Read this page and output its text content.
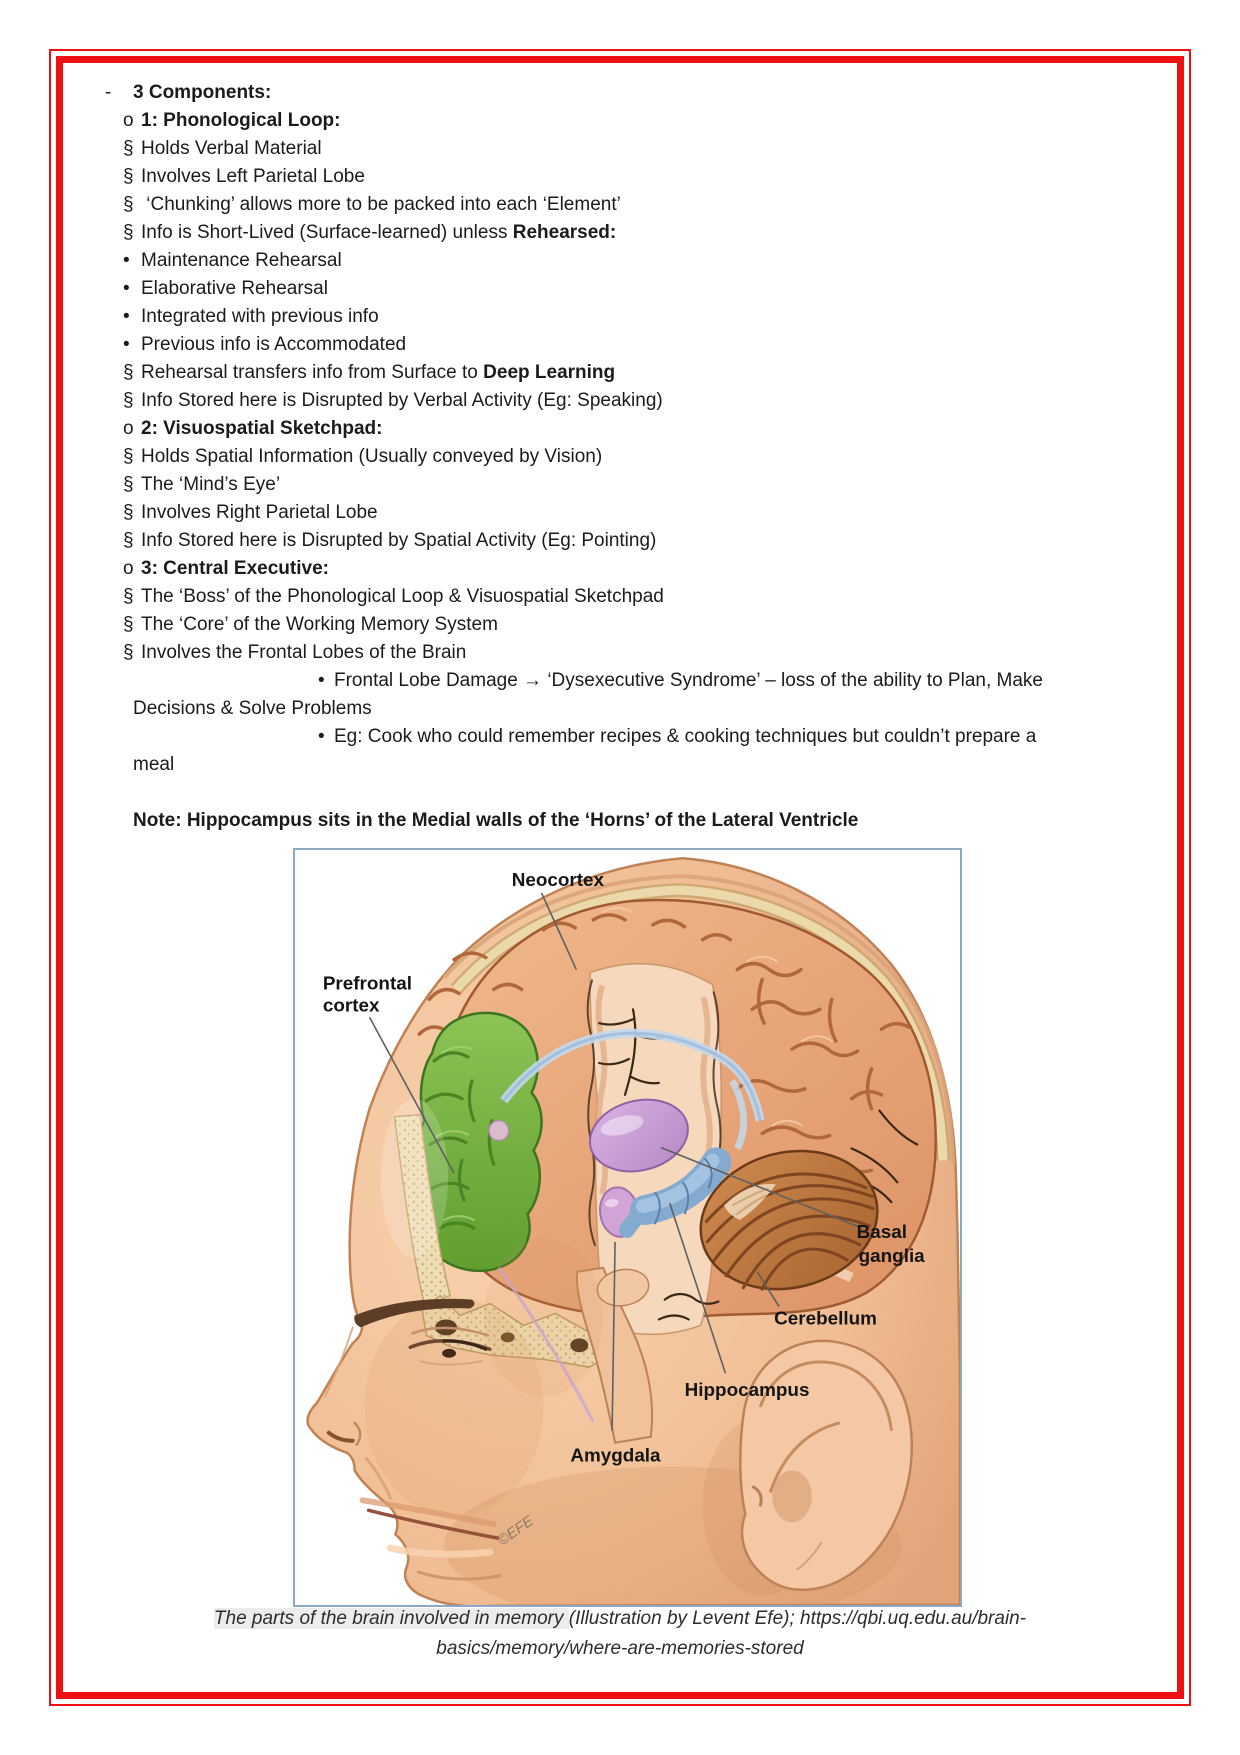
-	3 Components:
o 1: Phonological Loop:
§ Holds Verbal Material
§ Involves Left Parietal Lobe
§ ‘Chunking’ allows more to be packed into each ‘Element’
§ Info is Short-Lived (Surface-learned) unless Rehearsed:
• Maintenance Rehearsal
• Elaborative Rehearsal
• Integrated with previous info
• Previous info is Accommodated
§ Rehearsal transfers info from Surface to Deep Learning
§ Info Stored here is Disrupted by Verbal Activity (Eg: Speaking)
o 2: Visuospatial Sketchpad:
§ Holds Spatial Information (Usually conveyed by Vision)
§ The ‘Mind’s Eye’
§ Involves Right Parietal Lobe
§ Info Stored here is Disrupted by Spatial Activity (Eg: Pointing)
o 3: Central Executive:
§ The ‘Boss’ of the Phonological Loop & Visuospatial Sketchpad
§ The ‘Core’ of the Working Memory System
§ Involves the Frontal Lobes of the Brain
• Frontal Lobe Damage → ‘Dysexecutive Syndrome’ – loss of the ability to Plan, Make
Decisions & Solve Problems
• Eg: Cook who could remember recipes & cooking techniques but couldn’t prepare a
meal
Note: Hippocampus sits in the Medial walls of the ‘Horns’ of the Lateral Ventricle
Neocortex
Prefrontal
cortex
Basal
ganglia
Cerebellum
Hippocampus
Amygdala
©EFE
The parts of the brain involved in memory (Illustration by Levent Efe); https://qbi.uq.edu.au/brain-
basics/memory/where-are-memories-stored
